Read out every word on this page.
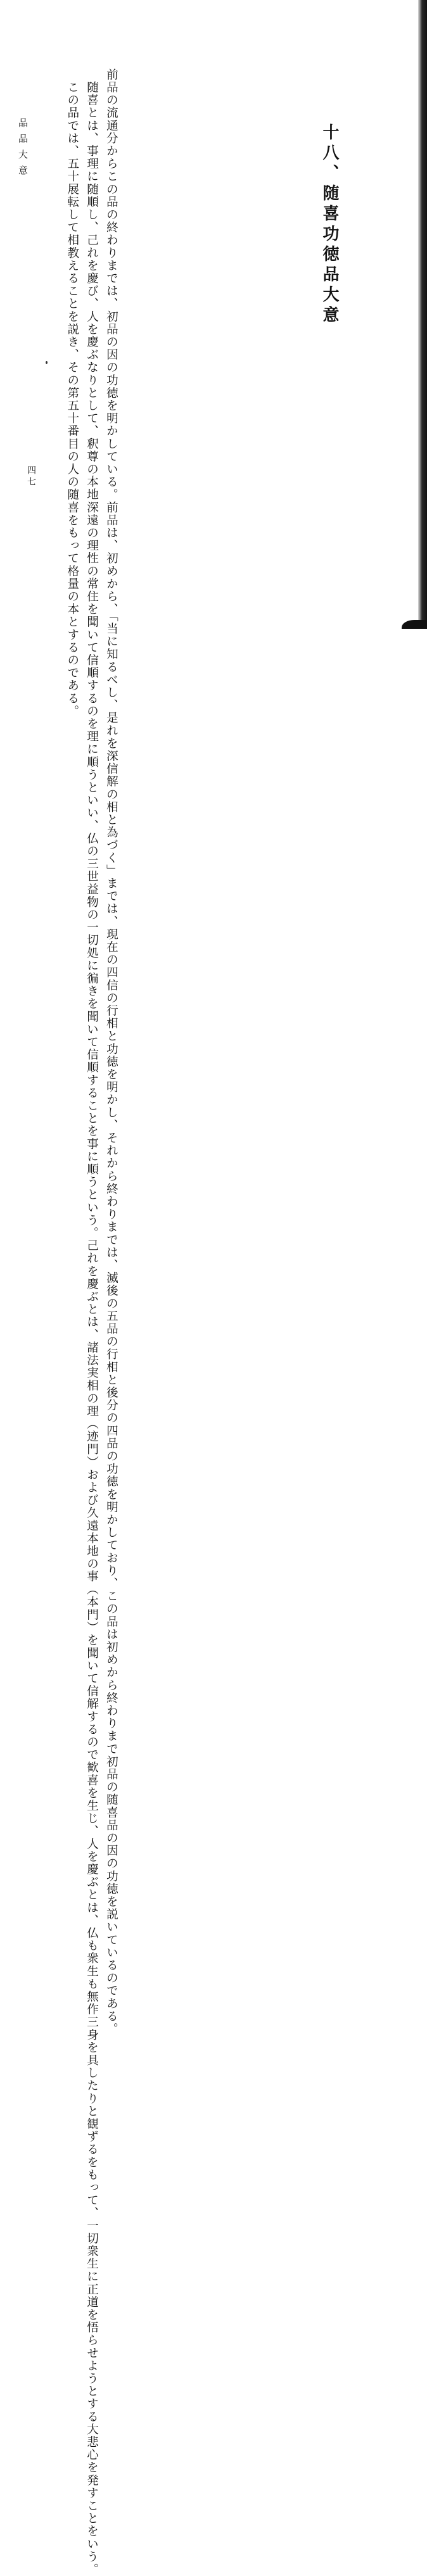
十八、随喜功徳品大意
前品の流通分からこの品の終わりまでは、初品の因の功徳を明かしている。前品は、初めから、「当に知るべし、是れを深信解の相と為づく」までは、現在の四信の行相と功徳を明かし、それから終わりまでは、滅後の五品の行相と後分の四品の功徳を明かしており、この品は初めから終わりまで初品の随喜品の因の功徳を説いているのである。
　随喜とは、事理に随順し、己れを慶び、人を慶ぶなりとして、釈尊の本地深遠の理性の常住を聞いて信順するのを理に順うといい、仏の三世益物の一切処に徧きを聞いて信順することを事に順うという。己れを慶ぶとは、諸法実相の理（迹門）および久遠本地の事（本門）を聞いて信解するので歓喜を生じ、人を慶ぶとは、仏も衆生も無作三身を具したりと観ずるをもって、一切衆生に正道を悟らせようとする大悲心を発すことをいう。
　この品では、五十展転して相教えることを説き、その第五十番目の人の随喜をもって格量の本とするのである。
品品大意
四七
